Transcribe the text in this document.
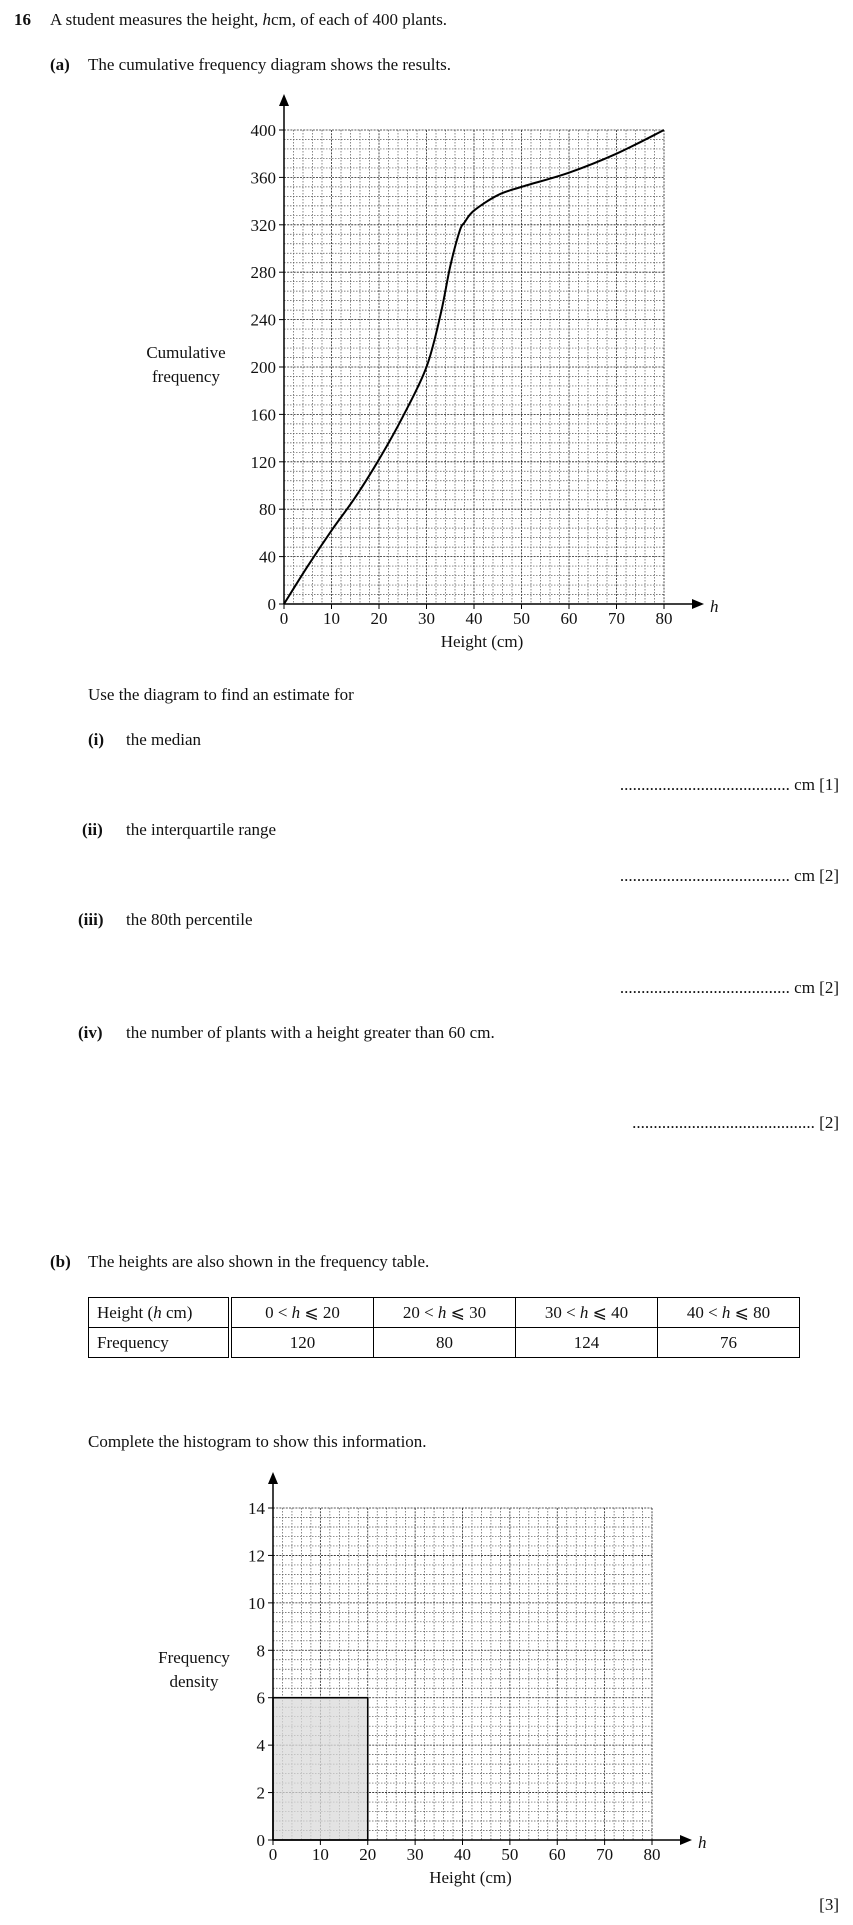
16 A student measures the height, hcm, of each of 400 plants.
(a) The cumulative frequency diagram shows the results.
0 10 20 30 40 50 60 70 80
0
40
80
120
160
200
240
280
320
360
400
h
Height (cm)
Cumulative
frequency
Use the diagram to find an estimate for
(i) the median
........................................ cm [1]
(ii) the interquartile range
........................................ cm [2]
(iii) the 80th percentile
........................................ cm [2]
(iv) the number of plants with a height greater than 60 cm.
........................................... [2]
(b) The heights are also shown in the frequency table.
Height (h cm)	0 < h ⩽ 20	20 < h ⩽ 30	30 < h ⩽ 40	40 < h ⩽ 80
Frequency	120	80	124	76
Complete the histogram to show this information.
0 10 20 30 40 50 60 70 80
0
2
4
6
8
10
12
14
h
Height (cm)
Frequency
density
[3]
